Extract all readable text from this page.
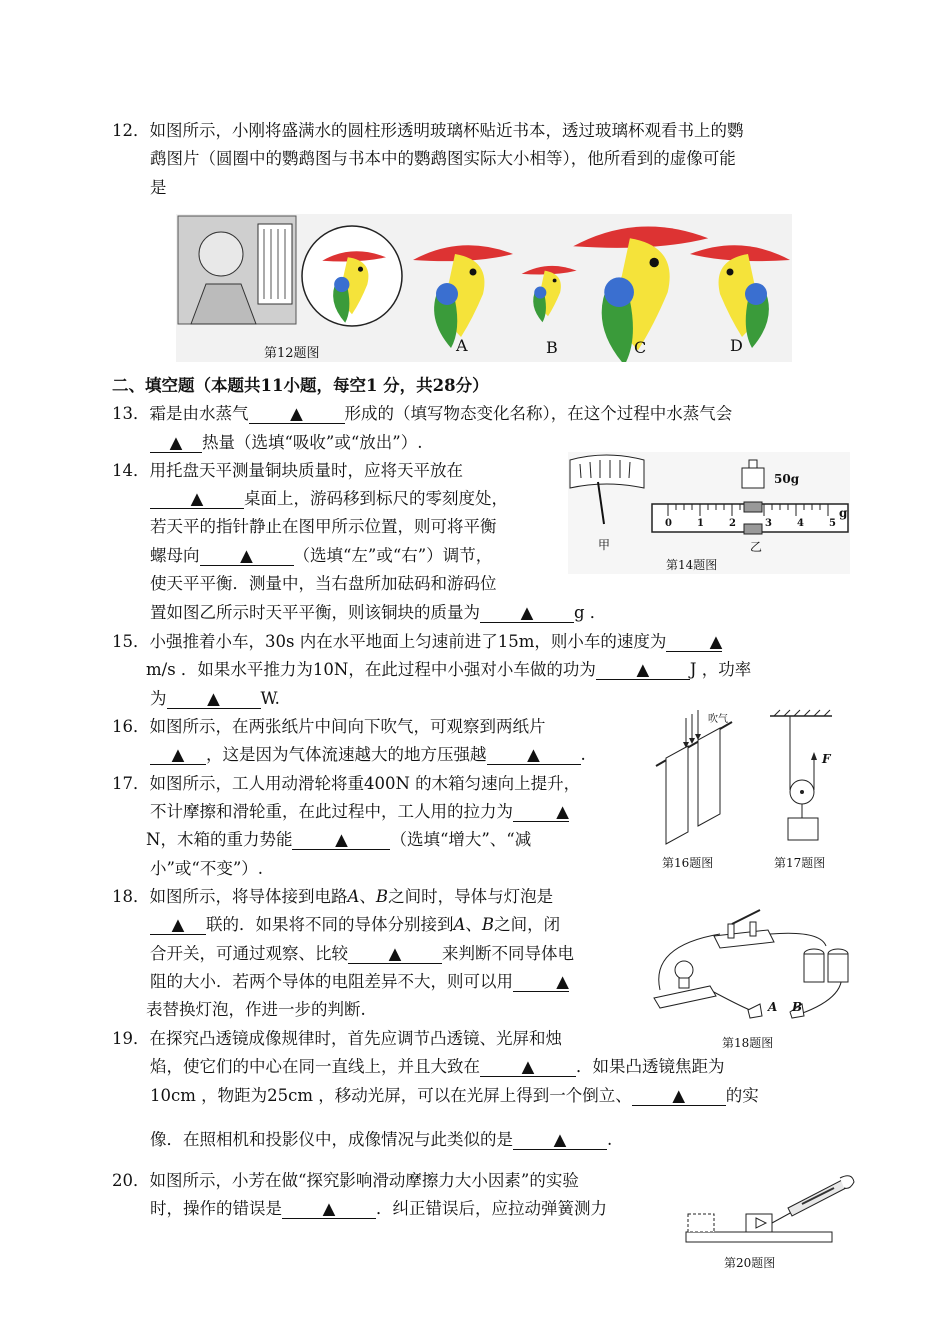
12．如图所示，小刚将盛满水的圆柱形透明玻璃杯贴近书本，透过玻璃杯观看书上的鹦
鹉图片（圆圈中的鹦鹉图与书本中的鹦鹉图实际大小相等），他所看到的虚像可能
是
第12题图	A	B	C	D
二、填空题（本题共11小题，每空1 分，共28分）
13．霜是由水蒸气	▲	形成的（填写物态变化名称），在这个过程中水蒸气会
▲ 热量（选填“吸收”或“放出”）.
14．用托盘天平测量铜块质量时，应将天平放在
▲ 桌面上，游码移到标尺的零刻度处，
若天平的指针静止在图甲所示位置，则可将平衡
螺母向 ▲ （选填“左”或“右”）调节，
使天平平衡．测量中，当右盘所加砝码和游码位
置如图乙所示时天平平衡，则该铜块的质量为 ▲ g ．
50g
0	1	2	3	4	5
g
甲	乙
第14题图
15．小强推着小车，30s 内在水平地面上匀速前进了15m，则小车的速度为	▲
m/s ．如果水平推力为10N，在此过程中小强对小车做的功为 ▲ J ，功率
为 ▲ W.
16．如图所示，在两张纸片中间向下吹气，可观察到两纸片
▲ ，这是因为气体流速越大的地方压强越 ▲ .
17．如图所示，工人用动滑轮将重400N 的木箱匀速向上提升，
不计摩擦和滑轮重，在此过程中，工人用的拉力为	▲
N，木箱的重力势能	▲	（选填“增大”、“减
小”或“不变”）.
吹气
第16题图
F
第17题图
18．如图所示，将导体接到电路A、B之间时，导体与灯泡是
▲ 联的．如果将不同的导体分别接到A、B之间，闭
合开关，可通过观察、比较 ▲ 来判断不同导体电
阻的大小．若两个导体的电阻差异不大，则可以用	▲
表替换灯泡，作进一步的判断.	A B
第18题图
19．在探究凸透镜成像规律时，首先应调节凸透镜、光屏和烛
焰，使它们的中心在同一直线上，并且大致在	▲	．如果凸透镜焦距为
10cm ，物距为25cm ，移动光屏，可以在光屏上得到一个倒立、 ▲ 的实
像．在照相机和投影仪中，成像情况与此类似的是 ▲ .
20．如图所示，小芳在做“探究影响滑动摩擦力大小因素”的实验
时，操作的错误是 ▲ ．纠正错误后，应拉动弹簧测力
第20题图
